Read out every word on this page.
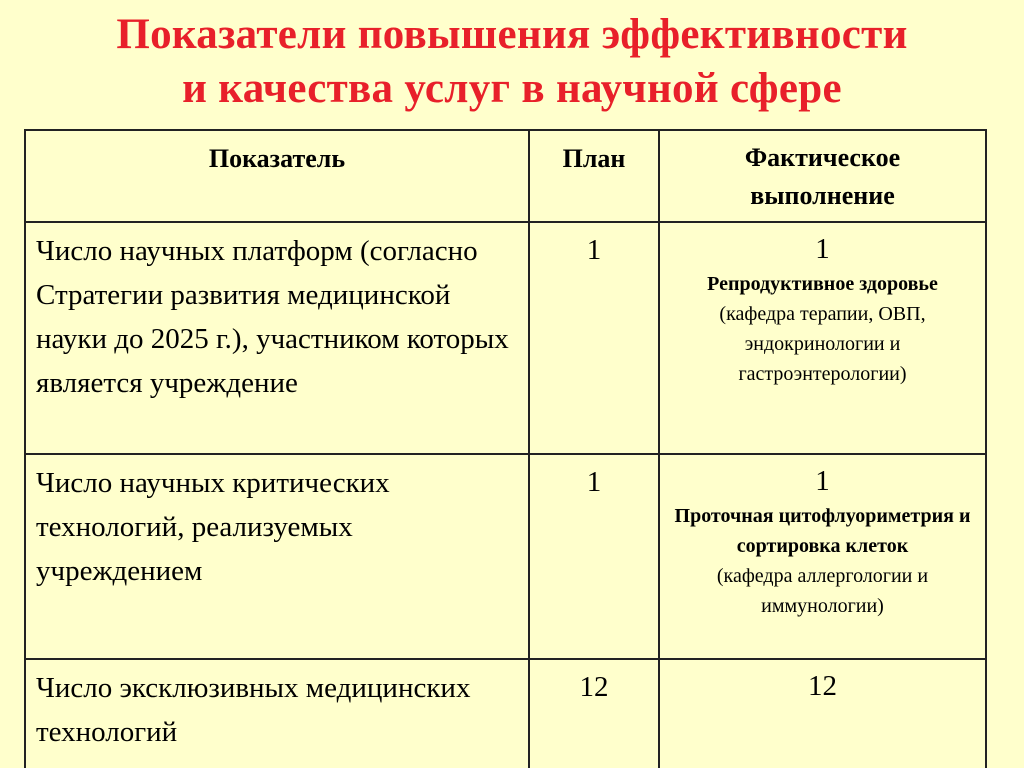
Показатели повышения эффективности
и качества услуг в научной сфере
Показатель	План	Фактическое
выполнение
Число научных платформ (согласно Стратегии развития медицинской науки до 2025 г.), участником которых является учреждение	1	1
Репродуктивное здоровье
(кафедра терапии, ОВП, эндокринологии и гастроэнтерологии)

Число научных критических технологий, реализуемых учреждением	1	1
Проточная цитофлуориметрия и сортировка клеток
(кафедра аллергологии и иммунологии)

Число эксклюзивных медицинских технологий	12	12
